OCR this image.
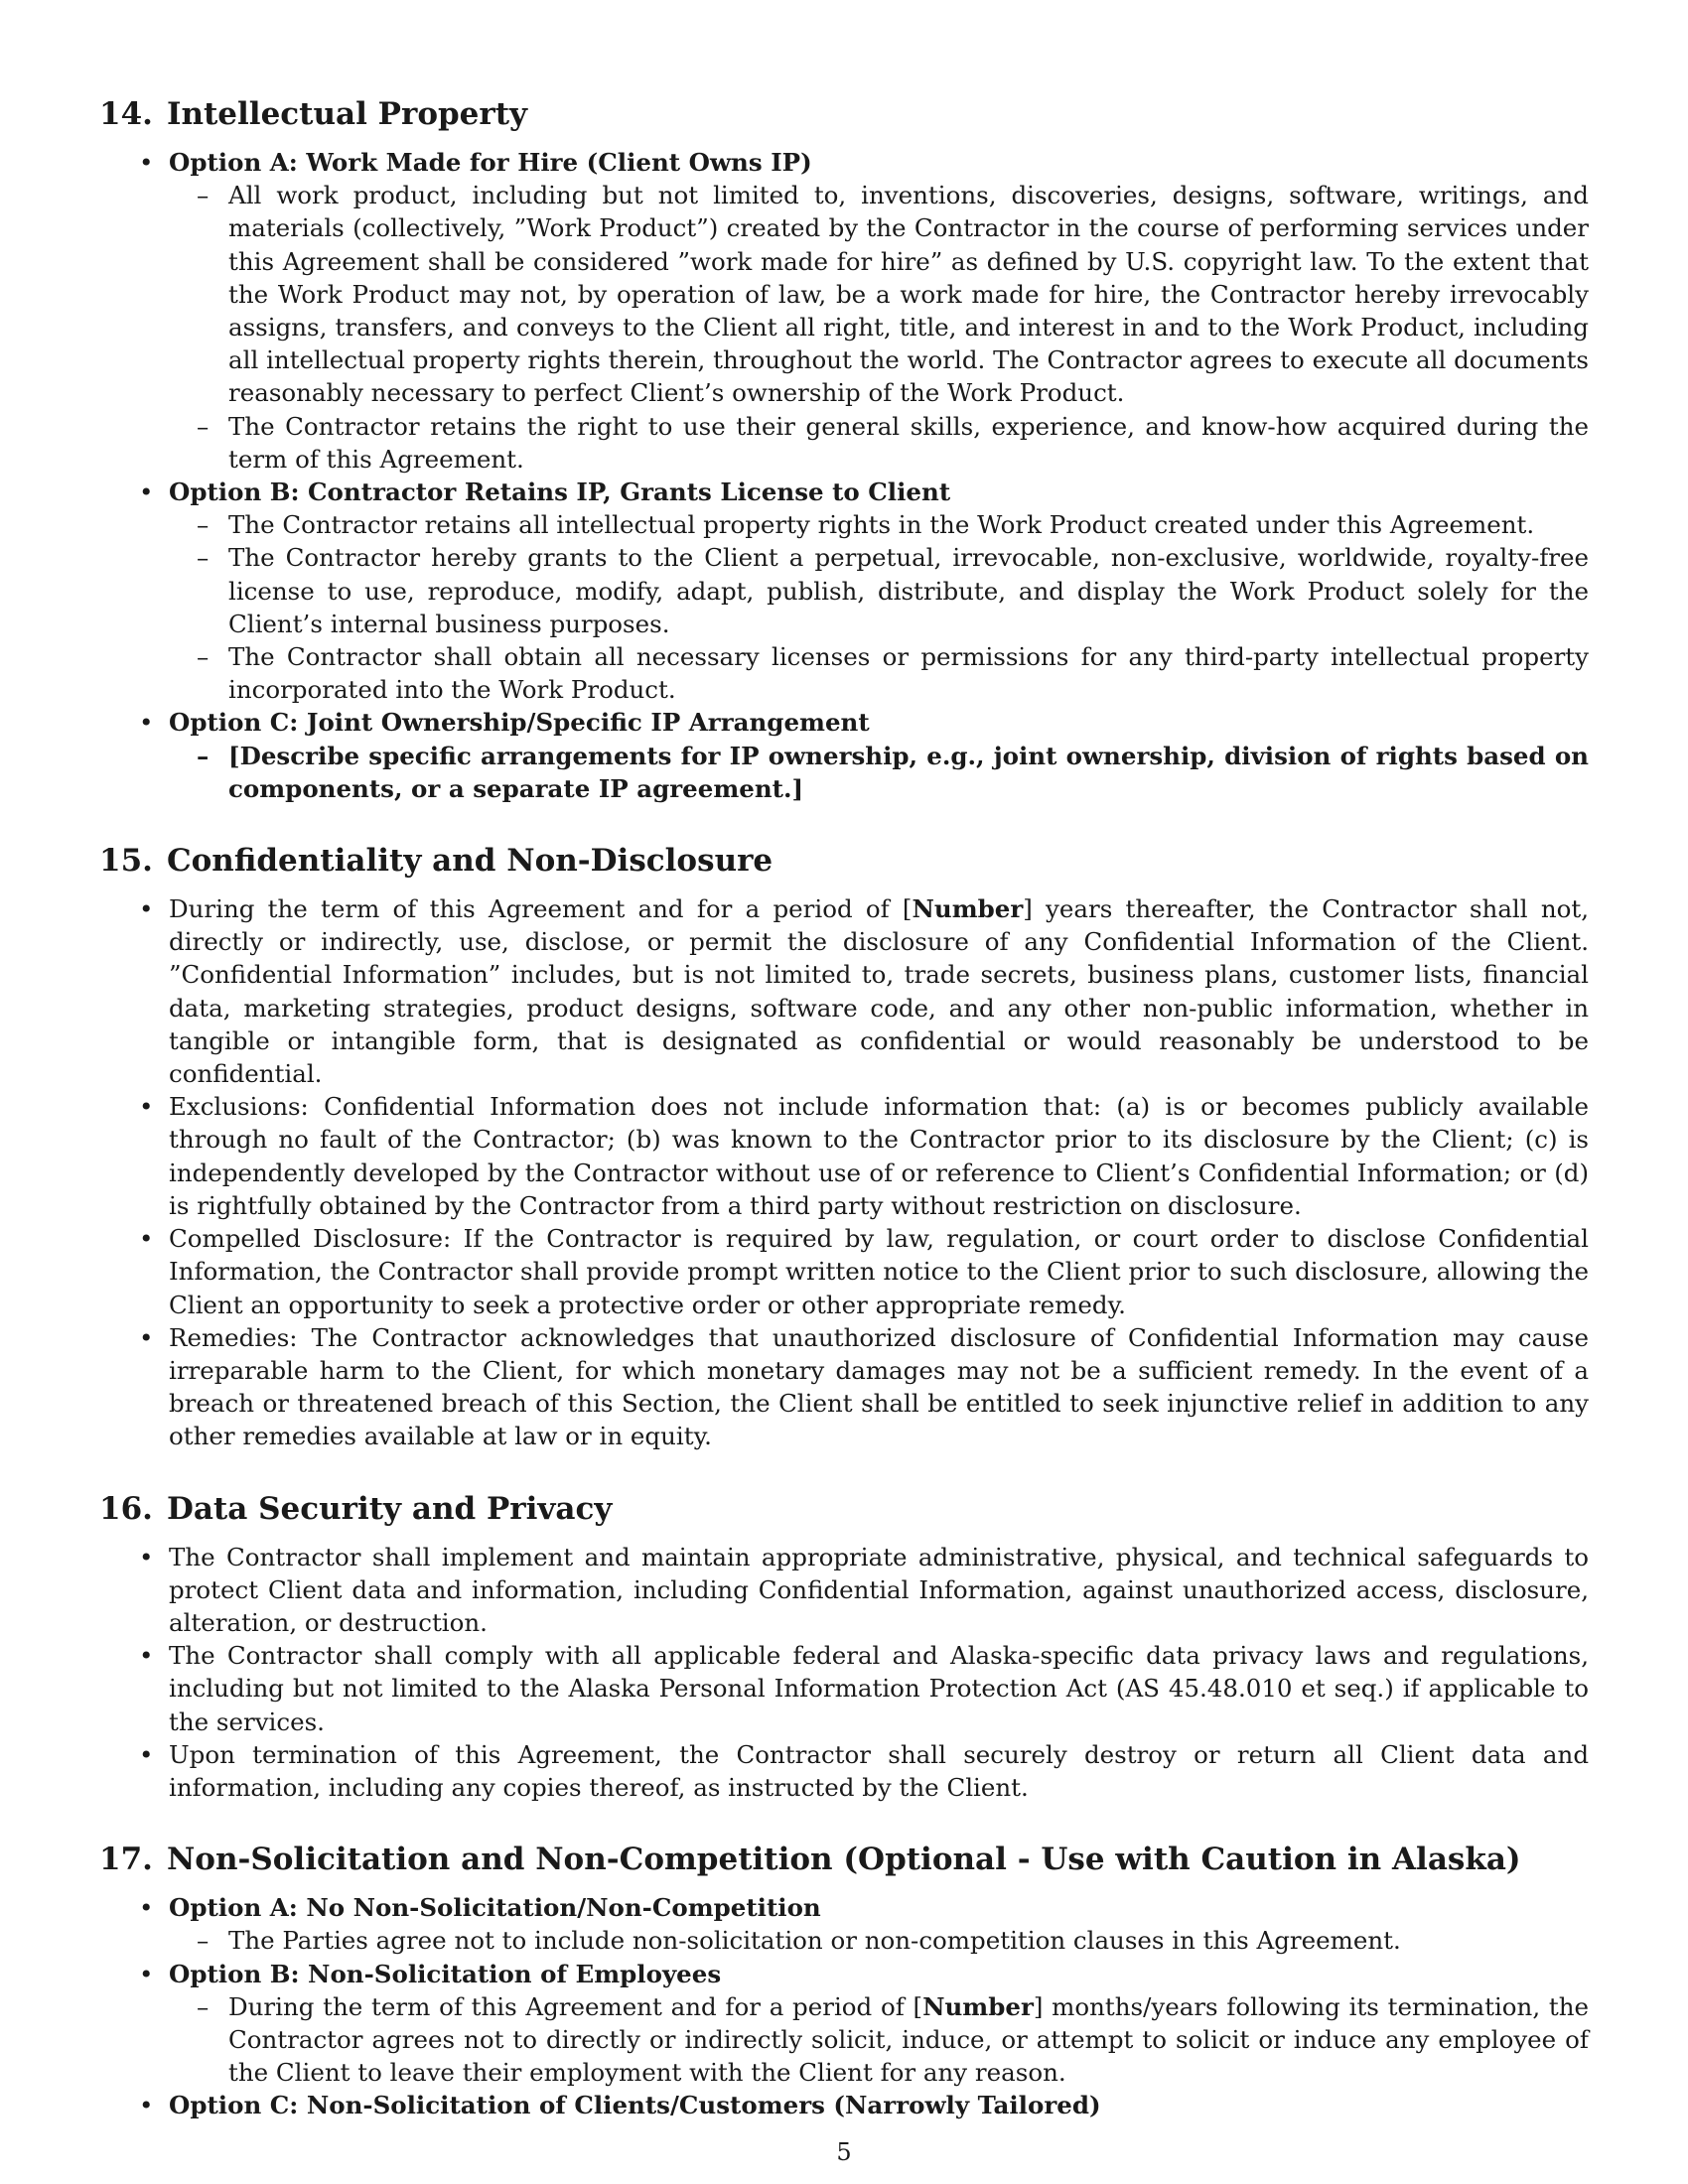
14. Intellectual Property
• Option A: Work Made for Hire (Client Owns IP)
– All work product, including but not limited to, inventions, discoveries, designs, software, writings, and materials (collectively, ”Work Product”) created by the Contractor in the course of performing services under this Agreement shall be considered ”work made for hire” as defined by U.S. copyright law. To the extent that the Work Product may not, by operation of law, be a work made for hire, the Contractor hereby irrevocably assigns, transfers, and conveys to the Client all right, title, and interest in and to the Work Product, including all intellectual property rights therein, throughout the world. The Contractor agrees to execute all documents reasonably necessary to perfect Client’s ownership of the Work Product.
– The Contractor retains the right to use their general skills, experience, and know-how acquired during the term of this Agreement.
• Option B: Contractor Retains IP, Grants License to Client
– The Contractor retains all intellectual property rights in the Work Product created under this Agreement.
– The Contractor hereby grants to the Client a perpetual, irrevocable, non-exclusive, worldwide, royalty-free license to use, reproduce, modify, adapt, publish, distribute, and display the Work Product solely for the Client’s internal business purposes.
– The Contractor shall obtain all necessary licenses or permissions for any third-party intellectual property incorporated into the Work Product.
• Option C: Joint Ownership/Specific IP Arrangement
– [Describe specific arrangements for IP ownership, e.g., joint ownership, division of rights based on components, or a separate IP agreement.]
15. Confidentiality and Non-Disclosure
• During the term of this Agreement and for a period of [Number] years thereafter, the Contractor shall not, directly or indirectly, use, disclose, or permit the disclosure of any Confidential Information of the Client. ”Confidential Information” includes, but is not limited to, trade secrets, business plans, customer lists, financial data, marketing strategies, product designs, software code, and any other non-public information, whether in tangible or intangible form, that is designated as confidential or would reasonably be understood to be confidential.
• Exclusions: Confidential Information does not include information that: (a) is or becomes publicly available through no fault of the Contractor; (b) was known to the Contractor prior to its disclosure by the Client; (c) is independently developed by the Contractor without use of or reference to Client’s Confidential Information; or (d) is rightfully obtained by the Contractor from a third party without restriction on disclosure.
• Compelled Disclosure: If the Contractor is required by law, regulation, or court order to disclose Confidential Information, the Contractor shall provide prompt written notice to the Client prior to such disclosure, allowing the Client an opportunity to seek a protective order or other appropriate remedy.
• Remedies: The Contractor acknowledges that unauthorized disclosure of Confidential Information may cause irreparable harm to the Client, for which monetary damages may not be a sufficient remedy. In the event of a breach or threatened breach of this Section, the Client shall be entitled to seek injunctive relief in addition to any other remedies available at law or in equity.
16. Data Security and Privacy
• The Contractor shall implement and maintain appropriate administrative, physical, and technical safeguards to protect Client data and information, including Confidential Information, against unauthorized access, disclosure, alteration, or destruction.
• The Contractor shall comply with all applicable federal and Alaska-specific data privacy laws and regulations, including but not limited to the Alaska Personal Information Protection Act (AS 45.48.010 et seq.) if applicable to the services.
• Upon termination of this Agreement, the Contractor shall securely destroy or return all Client data and information, including any copies thereof, as instructed by the Client.
17. Non-Solicitation and Non-Competition (Optional - Use with Caution in Alaska)
• Option A: No Non-Solicitation/Non-Competition
– The Parties agree not to include non-solicitation or non-competition clauses in this Agreement.
• Option B: Non-Solicitation of Employees
– During the term of this Agreement and for a period of [Number] months/years following its termination, the Contractor agrees not to directly or indirectly solicit, induce, or attempt to solicit or induce any employee of the Client to leave their employment with the Client for any reason.
• Option C: Non-Solicitation of Clients/Customers (Narrowly Tailored)
5
